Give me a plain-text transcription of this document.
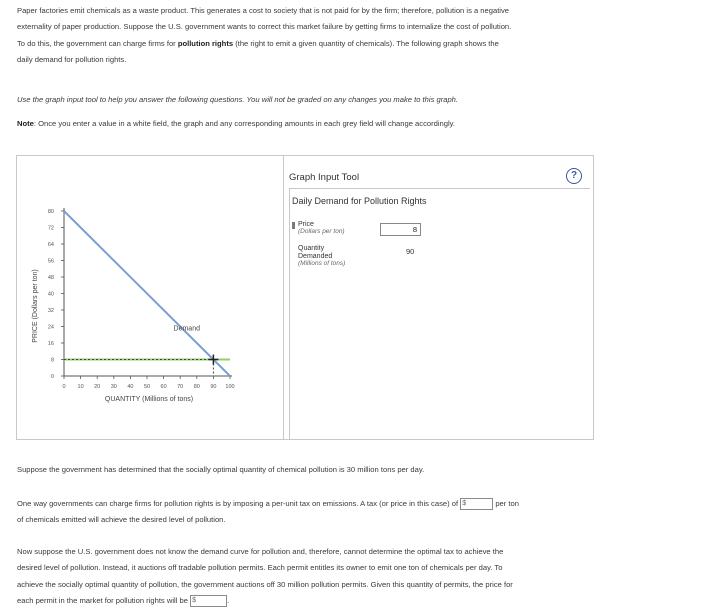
Paper factories emit chemicals as a waste product. This generates a cost to society that is not paid for by the firm; therefore, pollution is a negative
externality of paper production. Suppose the U.S. government wants to correct this market failure by getting firms to internalize the cost of pollution.
To do this, the government can charge firms for pollution rights (the right to emit a given quantity of chemicals). The following graph shows the
daily demand for pollution rights.
Use the graph input tool to help you answer the following questions. You will not be graded on any changes you make to this graph.
Note: Once you enter a value in a white field, the graph and any corresponding amounts in each grey field will change accordingly.
0
8
16
24
32
40
48
56
64
72
80
0 10 20 30 40 50 60 70 80 90 100
PRICE (Dollars per ton)
QUANTITY (Millions of tons)
Demand
Graph Input Tool	?
Daily Demand for Pollution Rights
Price
(Dollars per ton)	8
Quantity
Demanded
(Millions of tons)
90
Suppose the government has determined that the socially optimal quantity of chemical pollution is 30 million tons per day.
One way governments can charge firms for pollution rights is by imposing a per-unit tax on emissions. A tax (or price in this case) of $	per ton
of chemicals emitted will achieve the desired level of pollution.
Now suppose the U.S. government does not know the demand curve for pollution and, therefore, cannot determine the optimal tax to achieve the
desired level of pollution. Instead, it auctions off tradable pollution permits. Each permit entitles its owner to emit one ton of chemicals per day. To
achieve the socially optimal quantity of pollution, the government auctions off 30 million pollution permits. Given this quantity of permits, the price for
each permit in the market for pollution rights will be $	.
